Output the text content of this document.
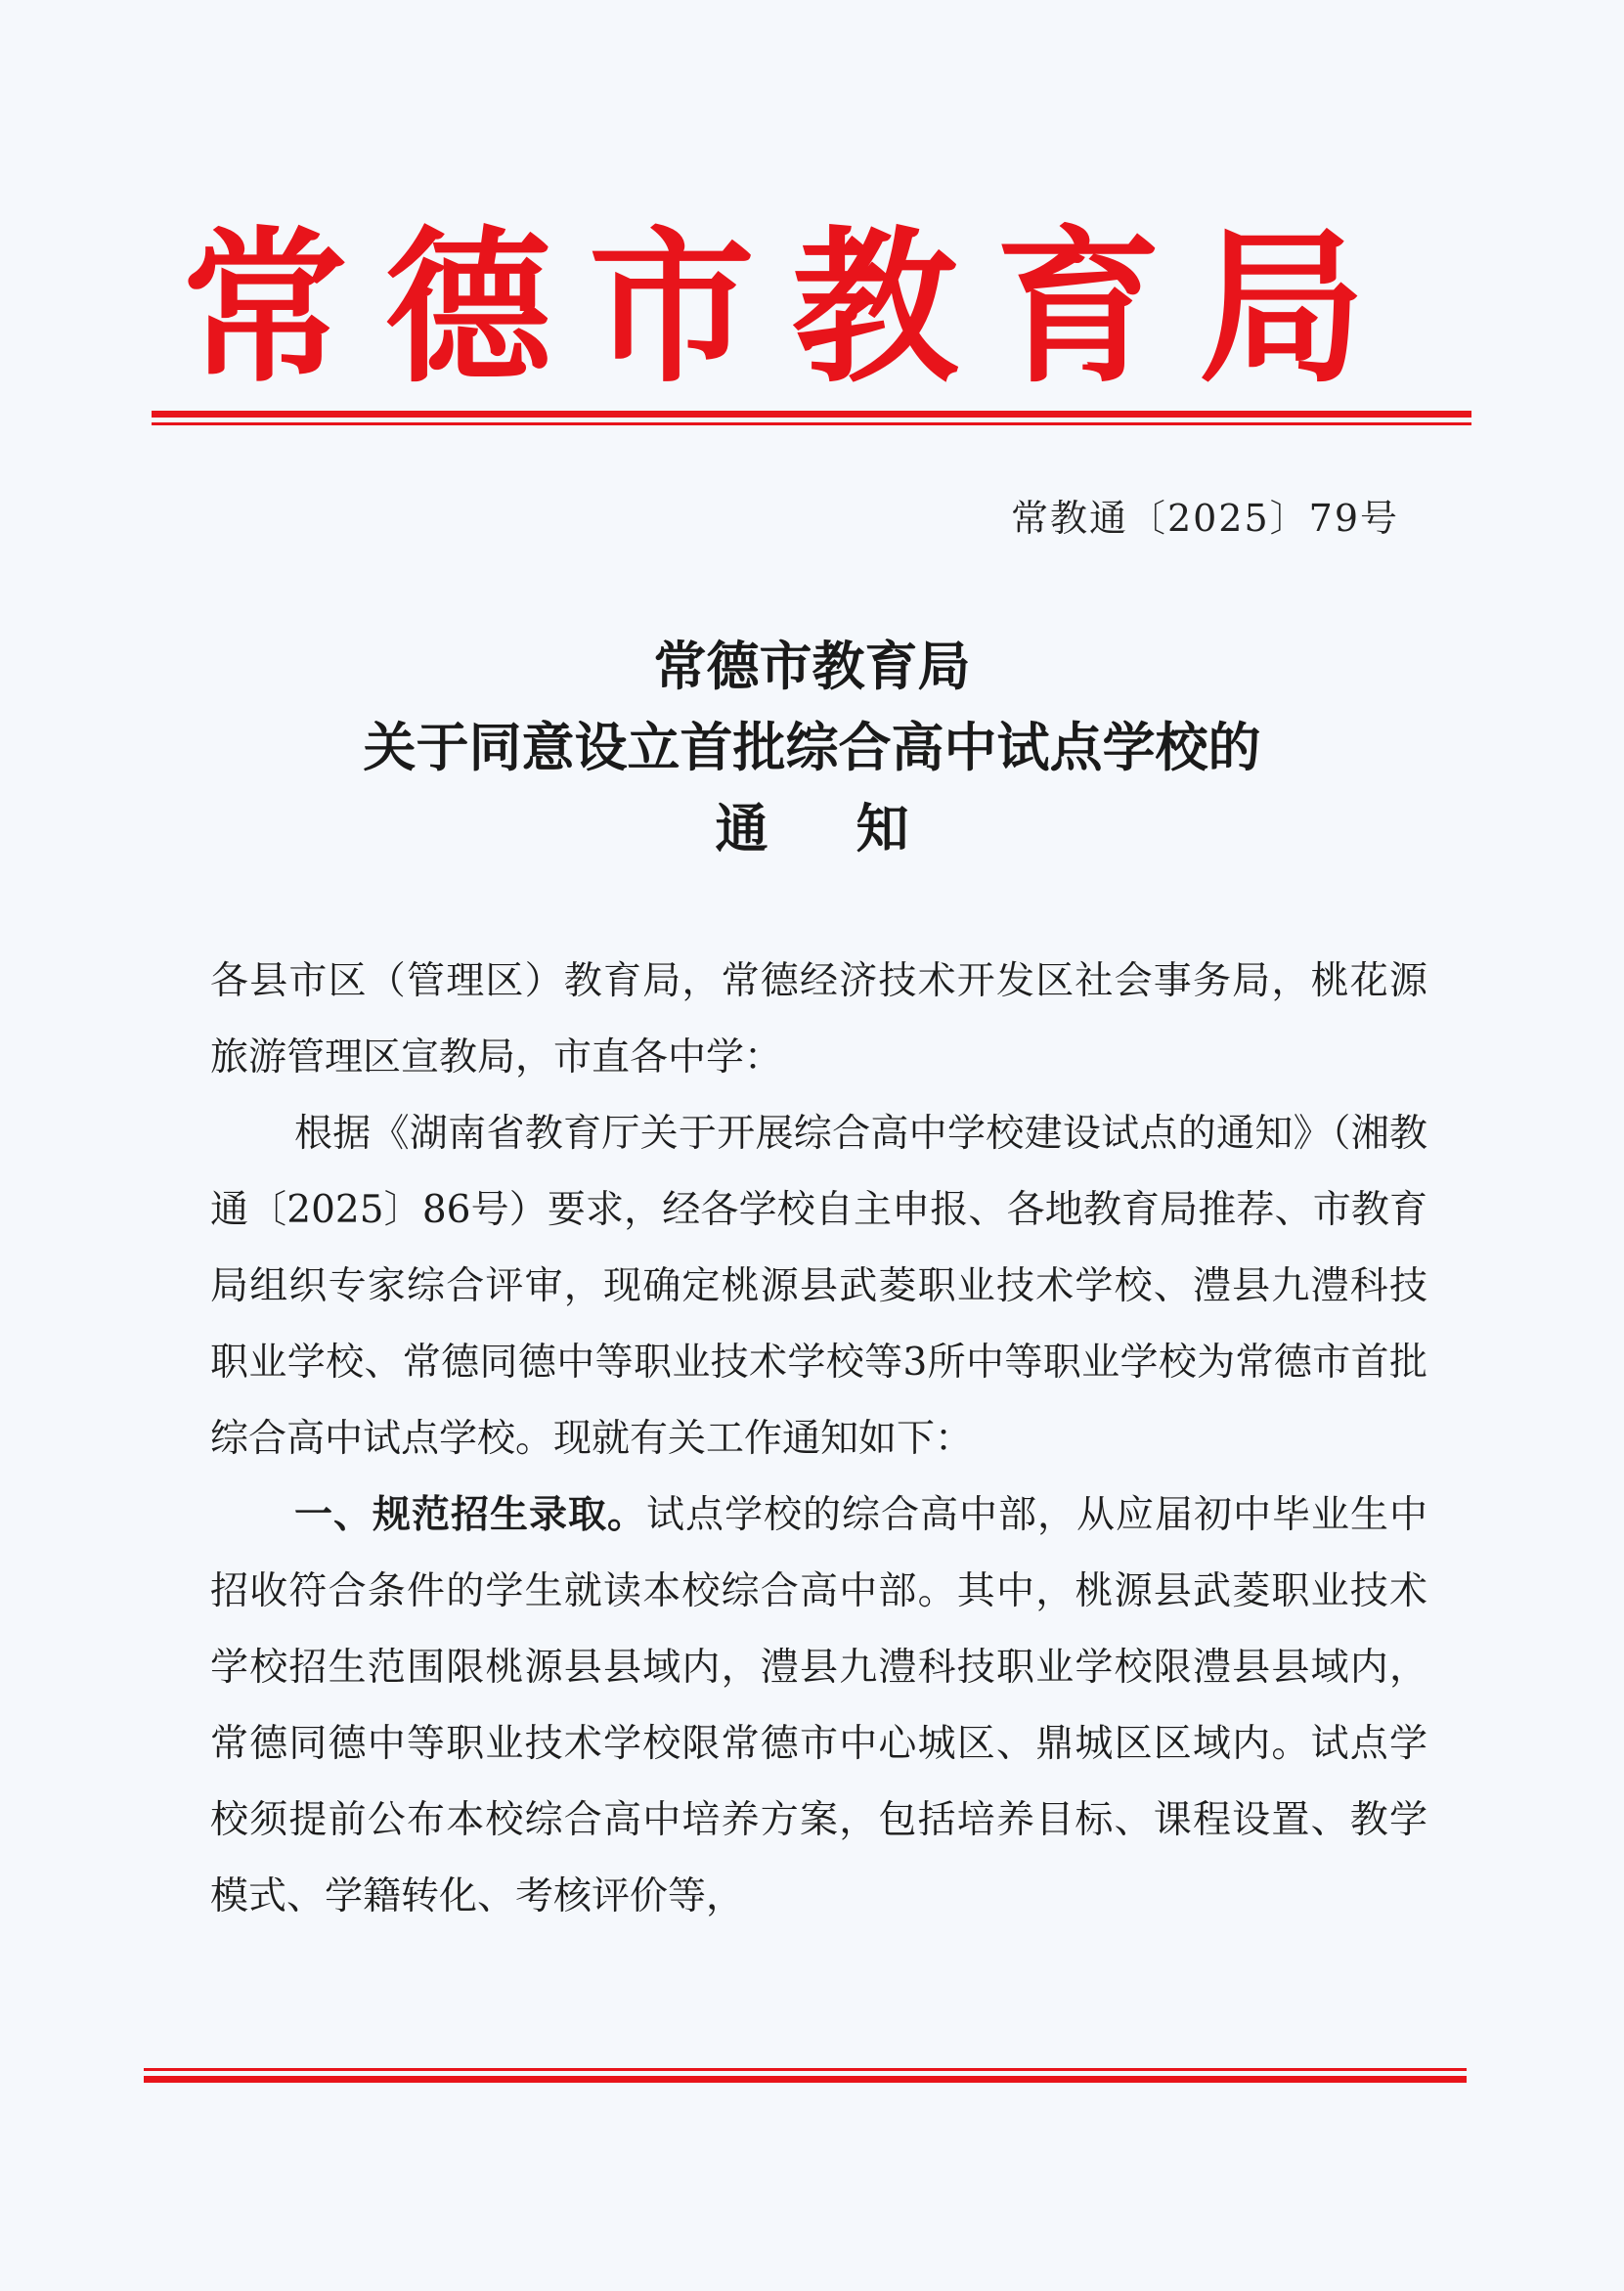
常德市教育局
常教通〔2025〕79号
常德市教育局
关于同意设立首批综合高中试点学校的
通知

各县市区（管理区）教育局，常德经济技术开发区社会事务局，桃花源旅游管理区宣教局，市直各中学：

根据《湖南省教育厅关于开展综合高中学校建设试点的通知》（湘教通〔2025〕86号）要求，经各学校自主申报、各地教育局推荐、市教育局组织专家综合评审，现确定桃源县武菱职业技术学校、澧县九澧科技职业学校、常德同德中等职业技术学校等3所中等职业学校为常德市首批综合高中试点学校。现就有关工作通知如下：

一、规范招生录取。试点学校的综合高中部，从应届初中毕业生中招收符合条件的学生就读本校综合高中部。其中，桃源县武菱职业技术学校招生范围限桃源县县域内，澧县九澧科技职业学校限澧县县域内，常德同德中等职业技术学校限常德市中心城区、鼎城区区域内。试点学校须提前公布本校综合高中培养方案，包括培养目标、课程设置、教学模式、学籍转化、考核评价等，
